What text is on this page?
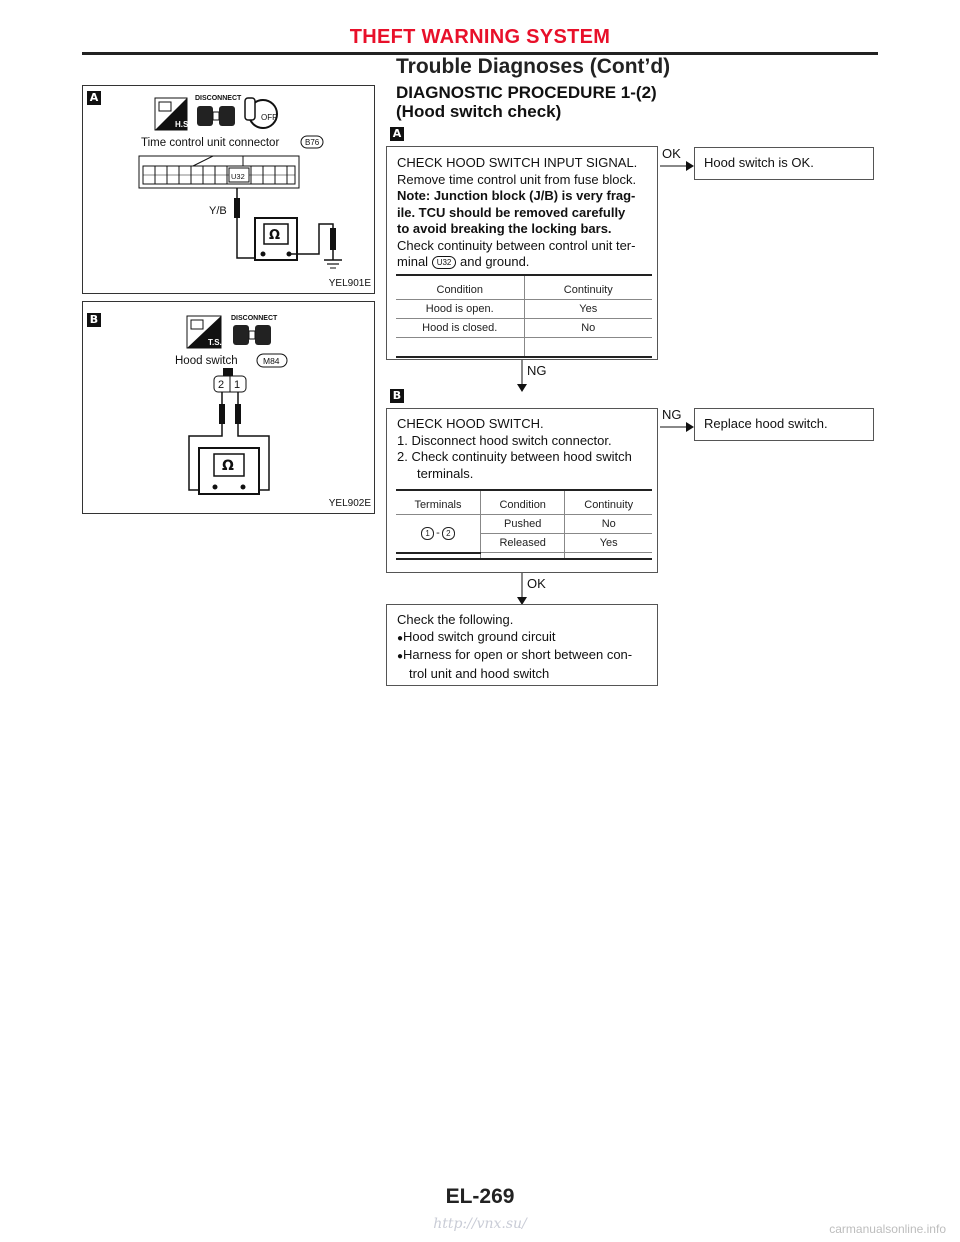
THEFT WARNING SYSTEM
Trouble Diagnoses (Cont’d)
DIAGNOSTIC PROCEDURE 1-(2)
(Hood switch check)
A
H.S.
DISCONNECT
OFF
Time control unit connector	B76
U32
Y/B
Ω
YEL901E
B
T.S.
DISCONNECT
Hood switch	M84
2 1
Ω
YEL902E
A
CHECK HOOD SWITCH INPUT SIGNAL.
Remove time control unit from fuse block.
Note: Junction block (J/B) is very frag-
ile. TCU should be removed carefully
to avoid breaking the locking bars.
Check continuity between control unit ter-
minal U32 and ground.
Condition	Continuity
Hood is open.	Yes
Hood is closed.	No

OK
Hood switch is OK.
NG
B
CHECK HOOD SWITCH.
1. Disconnect hood switch connector.
2. Check continuity between hood switch
terminals.
Terminals	Condition	Continuity
1 - 2	Pushed	No
	Released	Yes

NG
Replace hood switch.
OK
Check the following.
●Hood switch ground circuit
●Harness for open or short between con-
trol unit and hood switch
EL-269
http://vnx.su/	carmanualsonline.info
